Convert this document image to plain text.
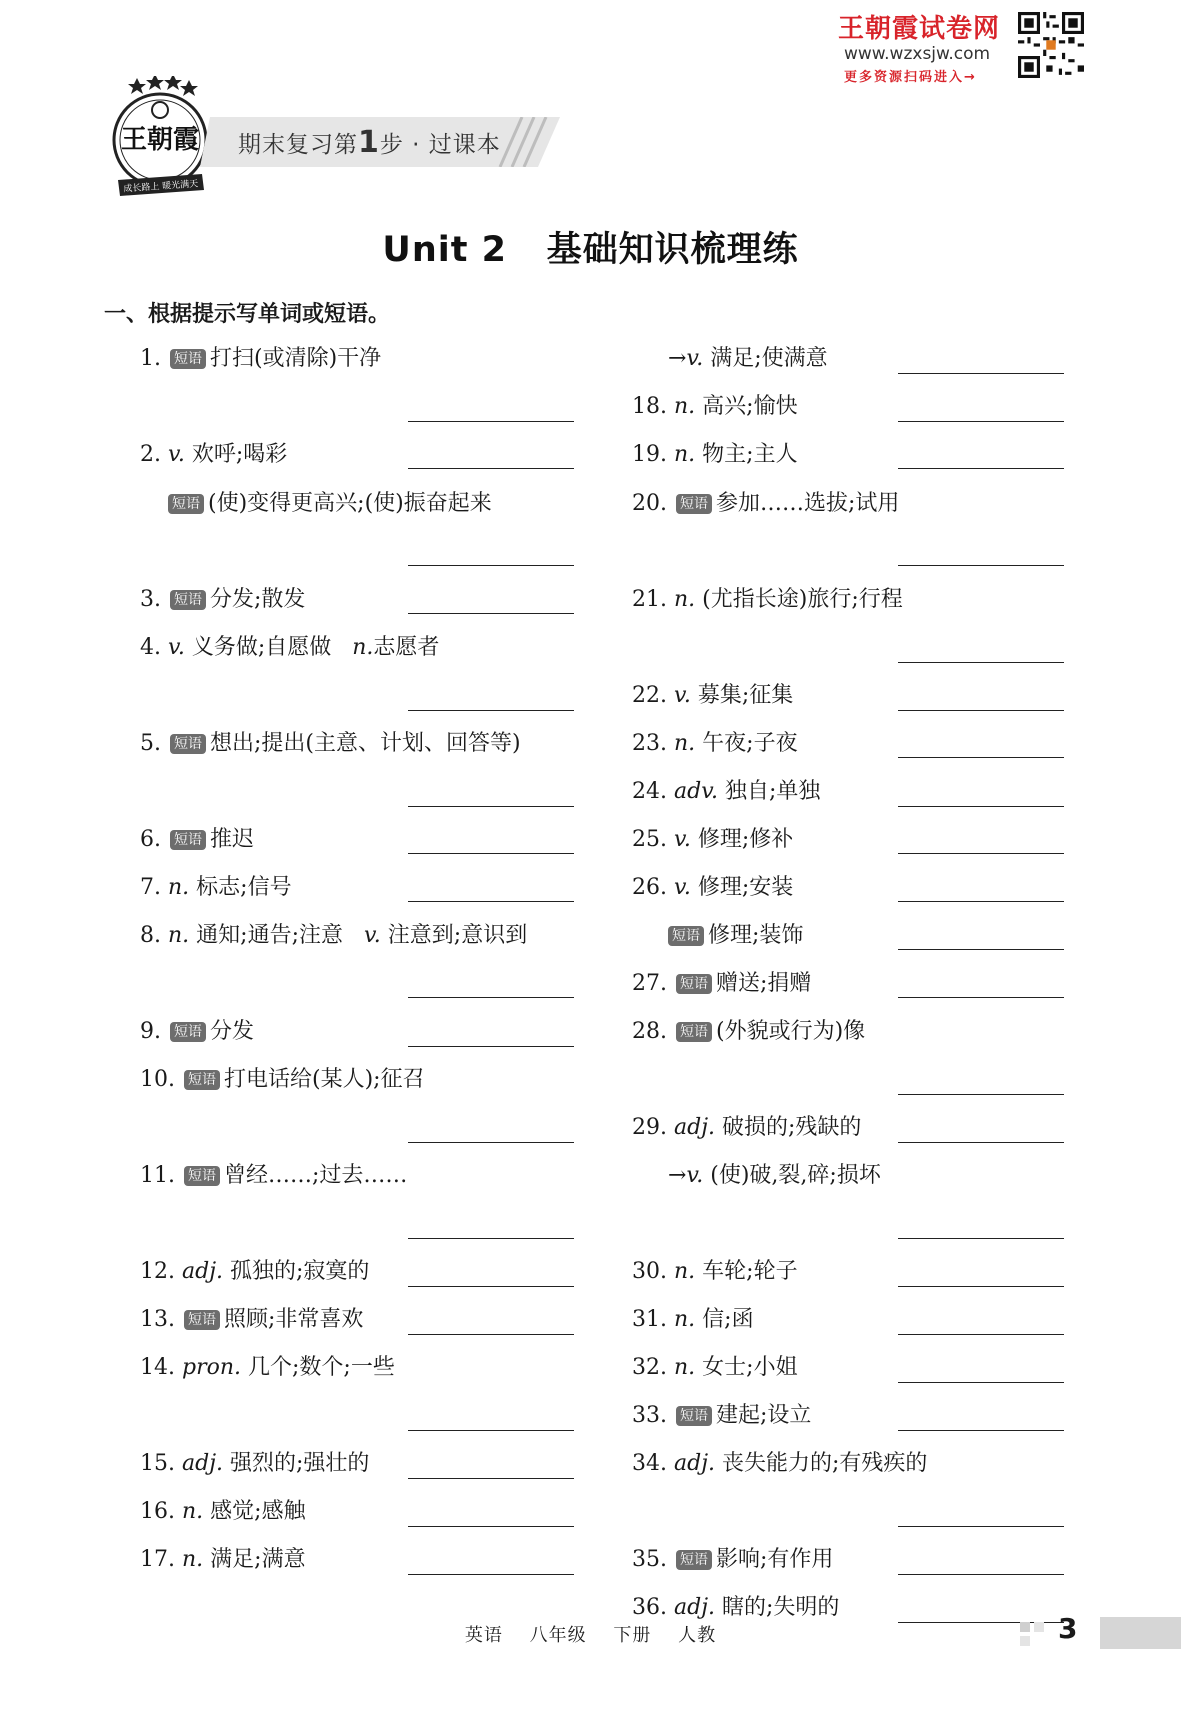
王朝霞试卷网
www.wzxsjw.com
更多资源扫码进入→
王朝霞
成长路上 暖光满天
期末复习第1步 · 过课本
Unit 2   基础知识梳理练
一、根据提示写单词或短语。
1. 短语 打扫(或清除)干净
2. v. 欢呼;喝彩
短语 (使)变得更高兴;(使)振奋起来
3. 短语 分发;散发
4. v. 义务做;自愿做 n.志愿者
5. 短语 想出;提出(主意、计划、回答等)
6. 短语 推迟
7. n. 标志;信号
8. n. 通知;通告;注意 v. 注意到;意识到
9. 短语 分发
10. 短语 打电话给(某人);征召
11. 短语 曾经……;过去……
12. adj. 孤独的;寂寞的
13. 短语 照顾;非常喜欢
14. pron. 几个;数个;一些
15. adj. 强烈的;强壮的
16. n. 感觉;感触
17. n. 满足;满意
→v. 满足;使满意
18. n. 高兴;愉快
19. n. 物主;主人
20. 短语 参加……选拔;试用
21. n. (尤指长途)旅行;行程
22. v. 募集;征集
23. n. 午夜;子夜
24. adv. 独自;单独
25. v. 修理;修补
26. v. 修理;安装
短语 修理;装饰
27. 短语 赠送;捐赠
28. 短语 (外貌或行为)像
29. adj. 破损的;残缺的
→v. (使)破,裂,碎;损坏
30. n. 车轮;轮子
31. n. 信;函
32. n. 女士;小姐
33. 短语 建起;设立
34. adj. 丧失能力的;有残疾的
35. 短语 影响;有作用
36. adj. 瞎的;失明的
英语 八年级 下册 人教	3
